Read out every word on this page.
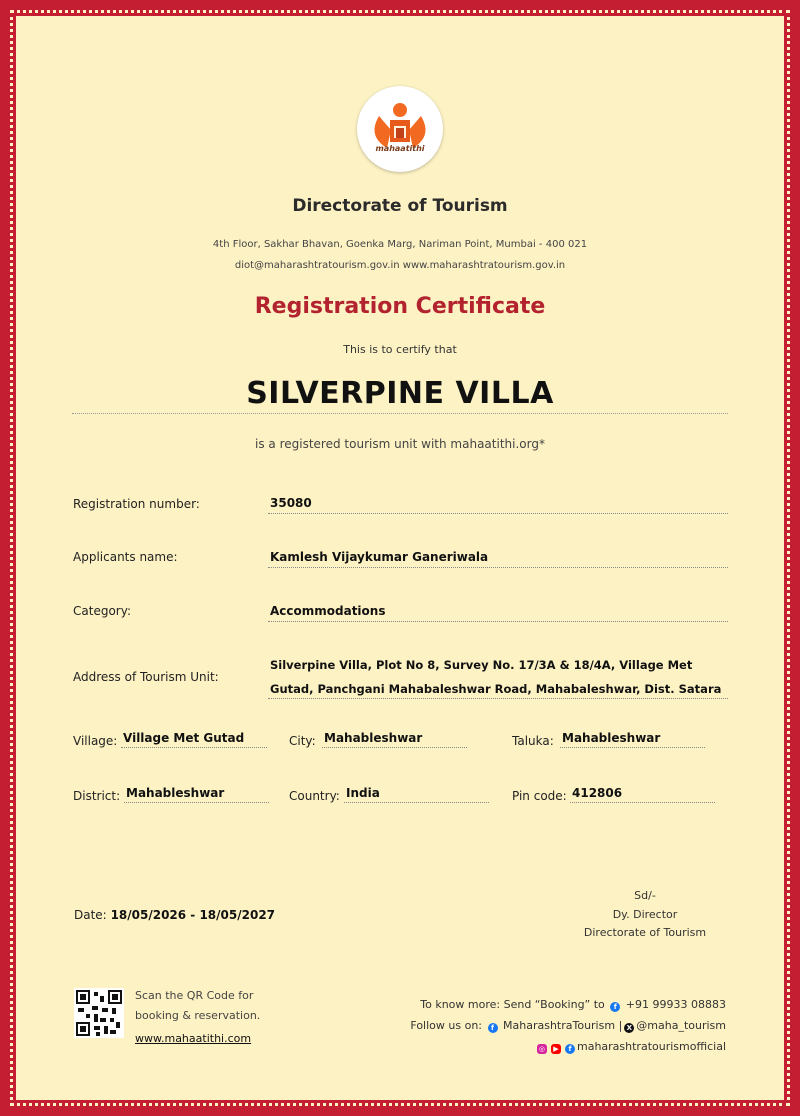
mahaatithi
Directorate of Tourism
4th Floor, Sakhar Bhavan, Goenka Marg, Nariman Point, Mumbai - 400 021
diot@maharashtratourism.gov.in www.maharashtratourism.gov.in
Registration Certificate
This is to certify that
SILVERPINE VILLA
is a registered tourism unit with mahaatithi.org*
Registration number:	35080
Applicants name:	Kamlesh Vijaykumar Ganeriwala
Category:	Accommodations
Address of Tourism Unit:
Silverpine Villa, Plot No 8, Survey No. 17/3A & 18/4A, Village Met
Gutad, Panchgani Mahabaleshwar Road, Mahabaleshwar, Dist. Satara
Village: Village Met Gutad	City: Mahableshwar	Taluka: Mahableshwar
District: Mahableshwar	Country: India	Pin code: 412806
Date: 18/05/2026 - 18/05/2027
Sd/-
Dy. Director
Directorate of Tourism
Scan the QR Code for
booking & reservation.
www.mahaatithi.com
To know more: Send “Booking” to f +91 99933 08883
Follow us on: f MaharashtraTourism | X @maha_tourism
◎ ▶ f maharashtratourismofficial
